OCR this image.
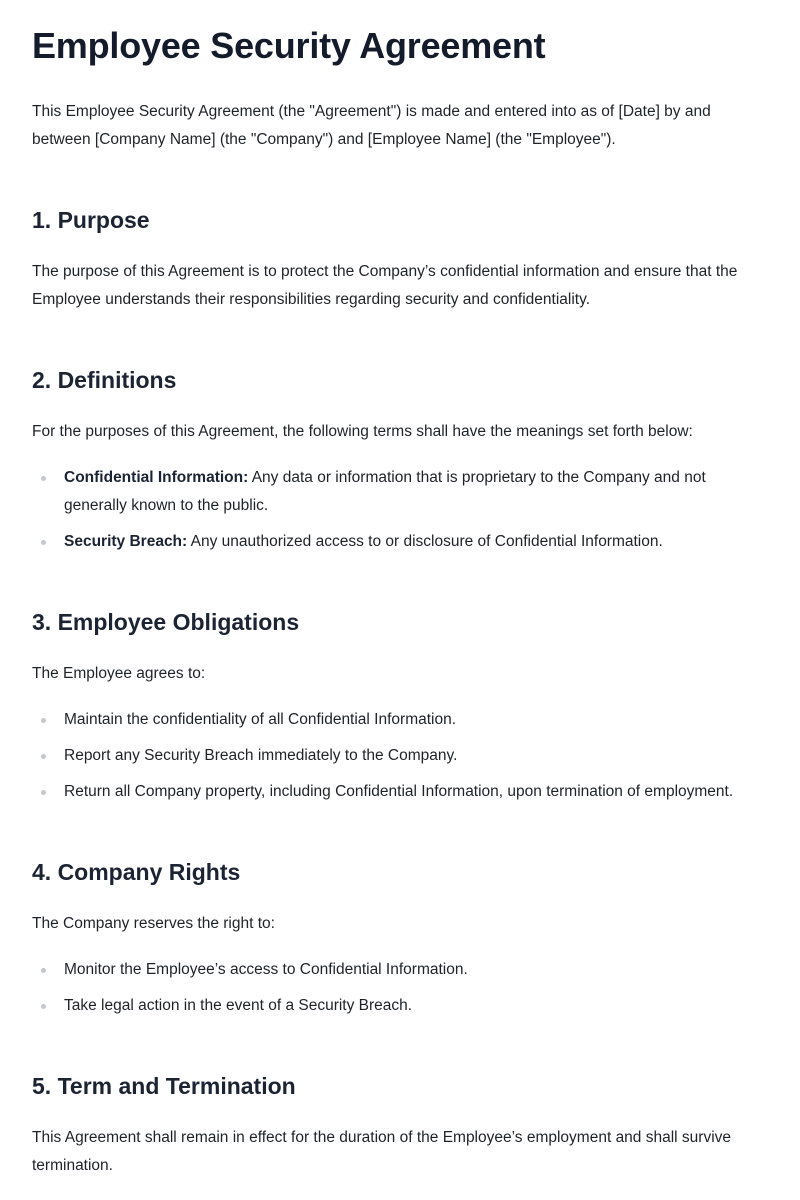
Employee Security Agreement

This Employee Security Agreement (the "Agreement") is made and entered into as of [Date] by and between [Company Name] (the "Company") and [Employee Name] (the "Employee").

1. Purpose

The purpose of this Agreement is to protect the Company’s confidential information and ensure that the Employee understands their responsibilities regarding security and confidentiality.

2. Definitions

For the purposes of this Agreement, the following terms shall have the meanings set forth below:

Confidential Information: Any data or information that is proprietary to the Company and not generally known to the public.
Security Breach: Any unauthorized access to or disclosure of Confidential Information.
3. Employee Obligations

The Employee agrees to:

Maintain the confidentiality of all Confidential Information.
Report any Security Breach immediately to the Company.
Return all Company property, including Confidential Information, upon termination of employment.
4. Company Rights

The Company reserves the right to:

Monitor the Employee’s access to Confidential Information.
Take legal action in the event of a Security Breach.
5. Term and Termination

This Agreement shall remain in effect for the duration of the Employee’s employment and shall survive termination.
